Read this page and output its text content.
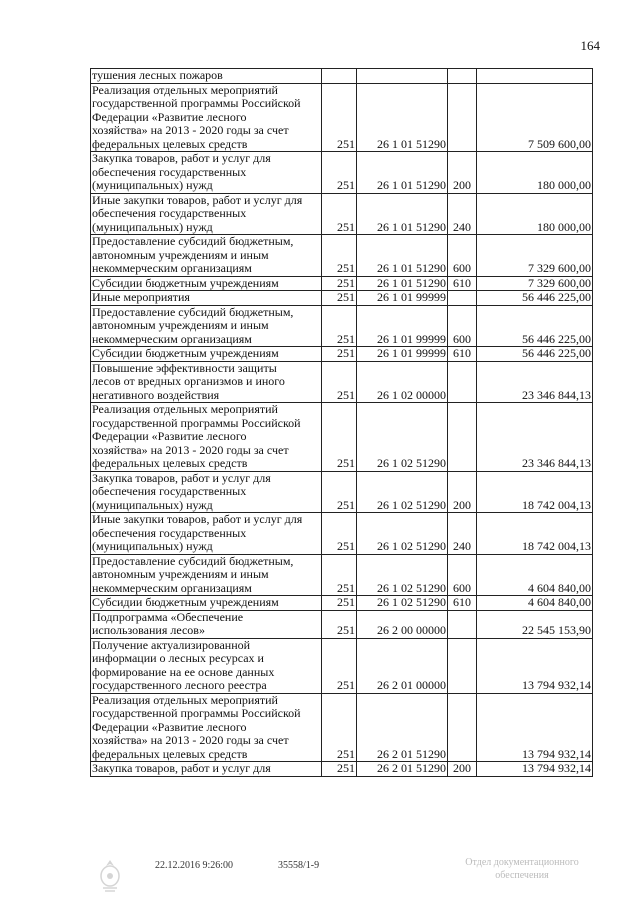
164
тушения лесных пожаров				

Реализация отдельных мероприятий
государственной программы Российской
Федерации «Развитие лесного
хозяйства» на 2013 - 2020 годы за счет
федеральных целевых средств	251	26 1 01 51290		7 509 600,00

Закупка товаров, работ и услуг для
обеспечения государственных
(муниципальных) нужд	251	26 1 01 51290	200	180 000,00

Иные закупки товаров, работ и услуг для
обеспечения государственных
(муниципальных) нужд	251	26 1 01 51290	240	180 000,00

Предоставление субсидий бюджетным,
автономным учреждениям и иным
некоммерческим организациям	251	26 1 01 51290	600	7 329 600,00

Субсидии бюджетным учреждениям	251	26 1 01 51290	610	7 329 600,00

Иные мероприятия	251	26 1 01 99999		56 446 225,00

Предоставление субсидий бюджетным,
автономным учреждениям и иным
некоммерческим организациям	251	26 1 01 99999	600	56 446 225,00

Субсидии бюджетным учреждениям	251	26 1 01 99999	610	56 446 225,00

Повышение эффективности защиты
лесов от вредных организмов и иного
негативного воздействия	251	26 1 02 00000		23 346 844,13

Реализация отдельных мероприятий
государственной программы Российской
Федерации «Развитие лесного
хозяйства» на 2013 - 2020 годы за счет
федеральных целевых средств	251	26 1 02 51290		23 346 844,13

Закупка товаров, работ и услуг для
обеспечения государственных
(муниципальных) нужд	251	26 1 02 51290	200	18 742 004,13

Иные закупки товаров, работ и услуг для
обеспечения государственных
(муниципальных) нужд	251	26 1 02 51290	240	18 742 004,13

Предоставление субсидий бюджетным,
автономным учреждениям и иным
некоммерческим организациям	251	26 1 02 51290	600	4 604 840,00

Субсидии бюджетным учреждениям	251	26 1 02 51290	610	4 604 840,00

Подпрограмма «Обеспечение
использования лесов»	251	26 2 00 00000		22 545 153,90

Получение актуализированной
информации о лесных ресурсах и
формирование на ее основе данных
государственного лесного реестра	251	26 2 01 00000		13 794 932,14

Реализация отдельных мероприятий
государственной программы Российской
Федерации «Развитие лесного
хозяйства» на 2013 - 2020 годы за счет
федеральных целевых средств	251	26 2 01 51290		13 794 932,14

Закупка товаров, работ и услуг для	251	26 2 01 51290	200	13 794 932,14
22.12.2016 9:26:00	35558/1-9	Отдел документационного обеспечения
